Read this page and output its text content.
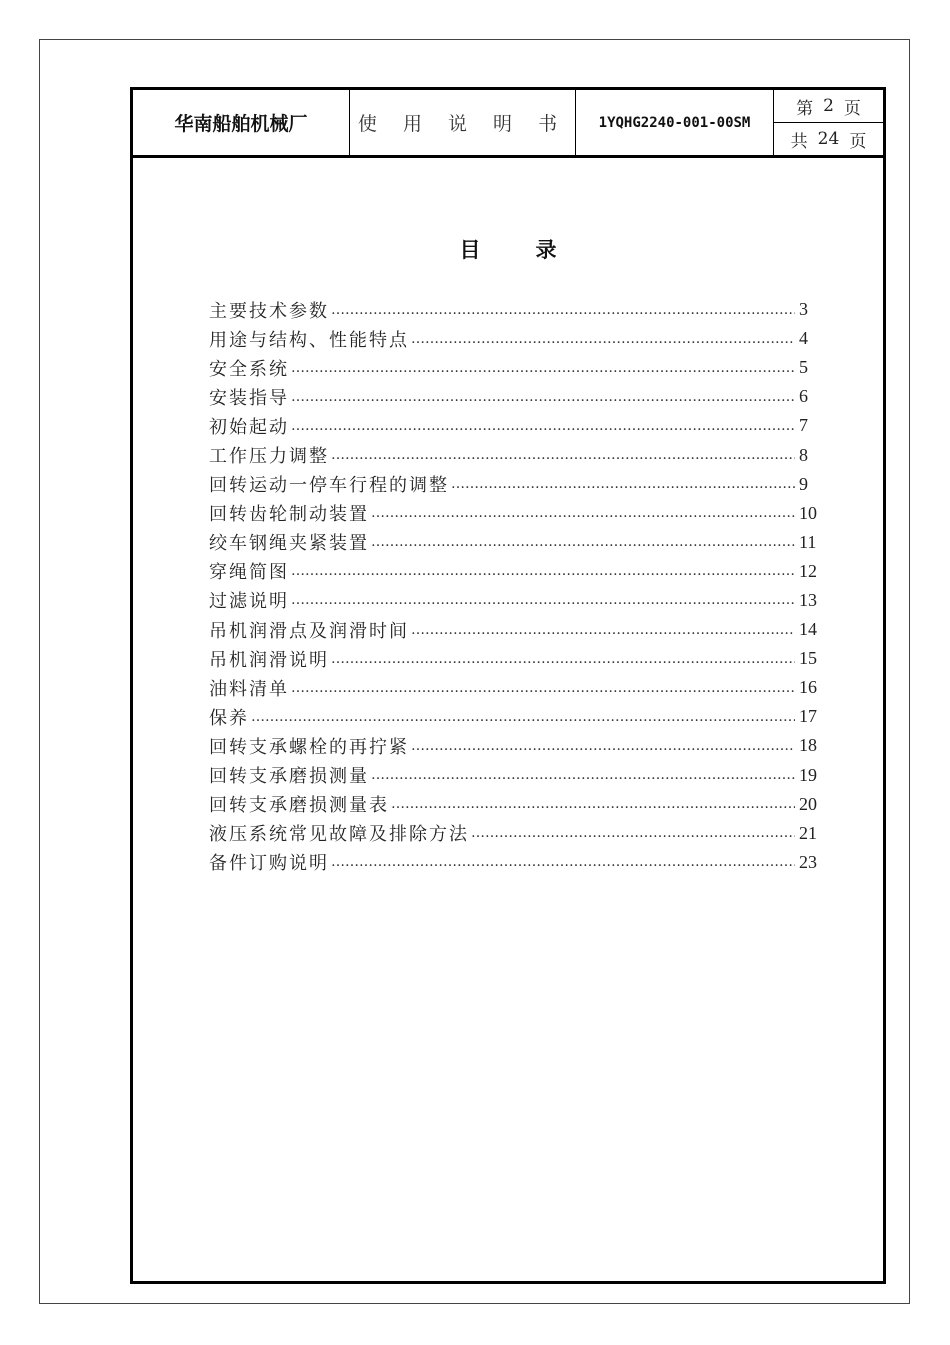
华南船舶机械厂	使 用 说 明 书	1YQHG2240-001-00SM
第 2 页
共 24 页
目	录
主要技术参数 ………………………………………………………………………………………………………………………………	3
用途与结构、性能特点 ………………………………………………………………………………………………………………………………	4
安全系统 ………………………………………………………………………………………………………………………………	5
安装指导 ………………………………………………………………………………………………………………………………	6
初始起动 ………………………………………………………………………………………………………………………………	7
工作压力调整 ………………………………………………………………………………………………………………………………	8
回转运动一停车行程的调整 ………………………………………………………………………………………………………………………………	9
回转齿轮制动装置 ………………………………………………………………………………………………………………………………	10
绞车钢绳夹紧装置 ………………………………………………………………………………………………………………………………	11
穿绳简图 ………………………………………………………………………………………………………………………………	12
过滤说明 ………………………………………………………………………………………………………………………………	13
吊机润滑点及润滑时间 ………………………………………………………………………………………………………………………………	14
吊机润滑说明 ………………………………………………………………………………………………………………………………	15
油料清单 ………………………………………………………………………………………………………………………………	16
保养 ………………………………………………………………………………………………………………………………	17
回转支承螺栓的再拧紧 ………………………………………………………………………………………………………………………………	18
回转支承磨损测量 ………………………………………………………………………………………………………………………………	19
回转支承磨损测量表 ………………………………………………………………………………………………………………………………	20
液压系统常见故障及排除方法 ………………………………………………………………………………………………………………………………	21
备件订购说明 ………………………………………………………………………………………………………………………………	23
